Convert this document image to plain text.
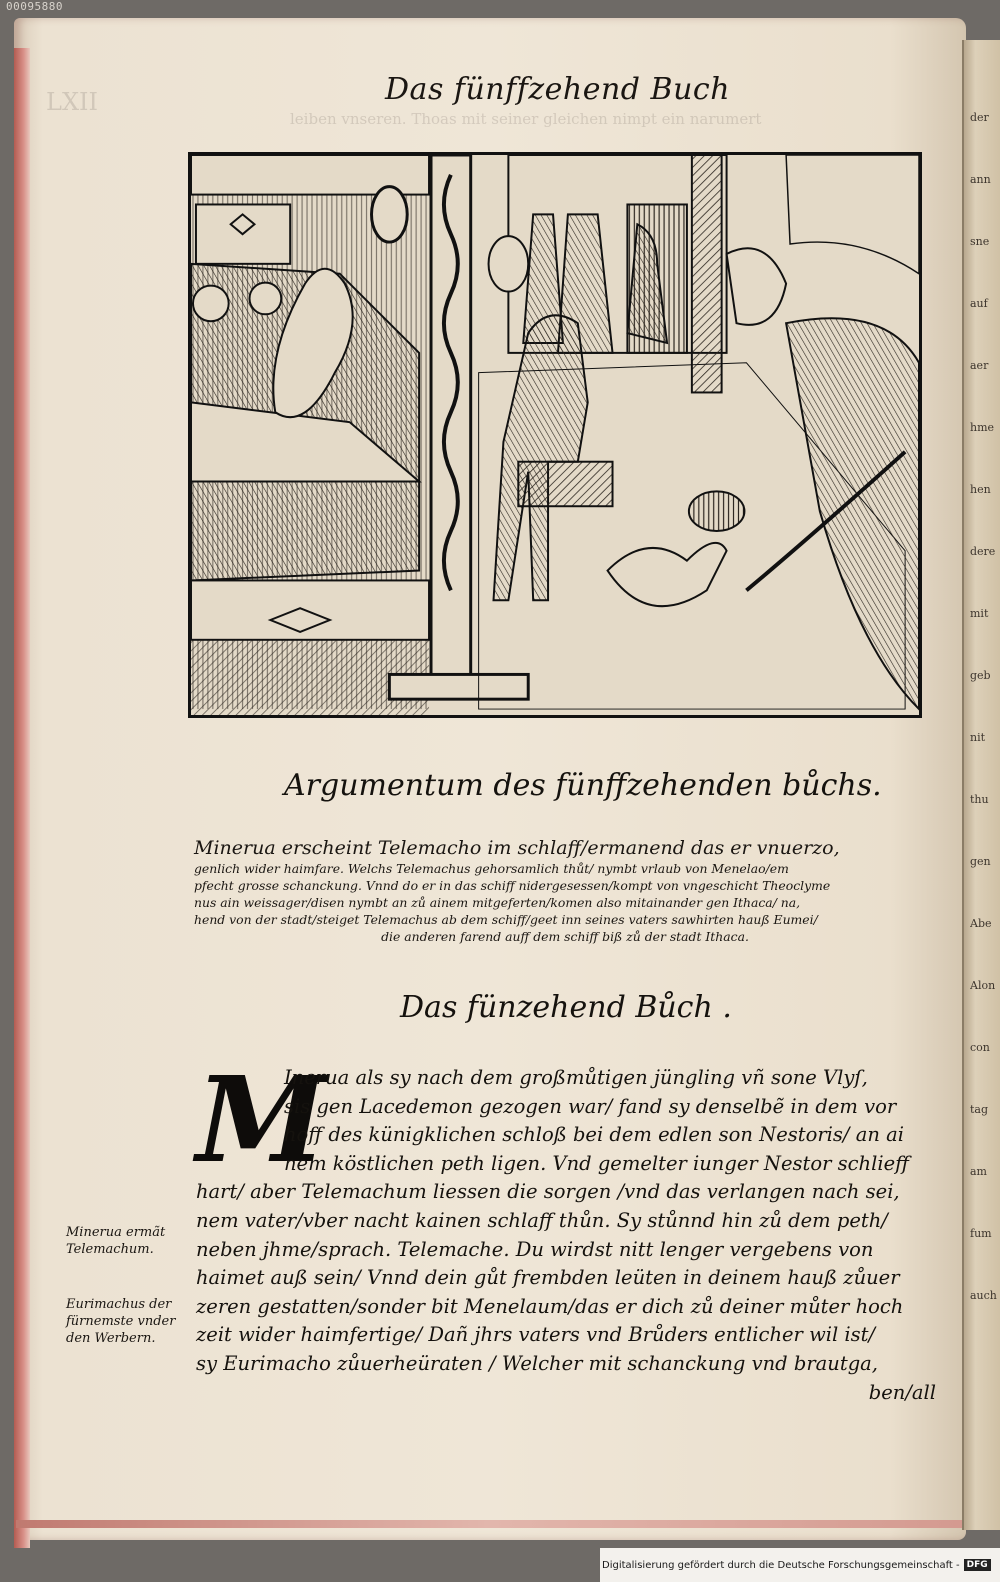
00095880
der
ann
sne
auf
aer
hme
hen
dere
mit
geb
nit
thu
gen
Abe
Alon
con
tag
am
fum
auch
LXII
leiben vnseren. Thoas mit seiner gleichen nimpt ein narumert
Das fünffzehend Buch
Argumentum des fünffzehenden bůchs.
Minerua erscheint Telemacho im schlaff/ermanend das er vnuerzo,
genlich wider haimfare. Welchs Telemachus gehorsamlich thůt/ nymbt vrlaub von Menelao/em
pfecht grosse schanckung. Vnnd do er in das schiff nidergesessen/kompt von vngeschicht Theoclyme
nus ain weissager/disen nymbt an zů ainem mitgeferten/komen also mitainander gen Ithaca/ na,
hend von der stadt/steiget Telemachus ab dem schiff/geet inn seines vaters sawhirten hauß Eumei/
die anderen farend auff dem schiff biß zů der stadt Ithaca.
Das fünzehend Bůch .
M
Inerua als sy nach dem großmůtigen jüngling vñ sone Vlyſ,
sis gen Lacedemon gezogen war/ fand sy denselbẽ in dem vor
hoff des künigklichen schloß bei dem edlen son Nestoris/ an ai
nem köstlichen peth ligen. Vnd gemelter iunger Nestor schlieff
hart/ aber Telemachum liessen die sorgen /vnd das verlangen nach sei,
nem vater/vber nacht kainen schlaff thůn. Sy stůnnd hin zů dem peth/
neben jhme/sprach. Telemache. Du wirdst nitt lenger vergebens von
haimet auß sein/ Vnnd dein gůt frembden leüten in deinem hauß zůuer
zeren gestatten/sonder bit Menelaum/das er dich zů deiner můter hoch
zeit wider haimfertige/ Dañ jhrs vaters vnd Brůders entlicher wil ist/
sy Eurimacho zůuerheüraten / Welcher mit schanckung vnd brautga,
ben/all
Minerua ermãt
Telemachum.
Eurimachus der
fürnemste vnder
den Werbern.
Digitalisierung gefördert durch die Deutsche Forschungsgemeinschaft - DFG
